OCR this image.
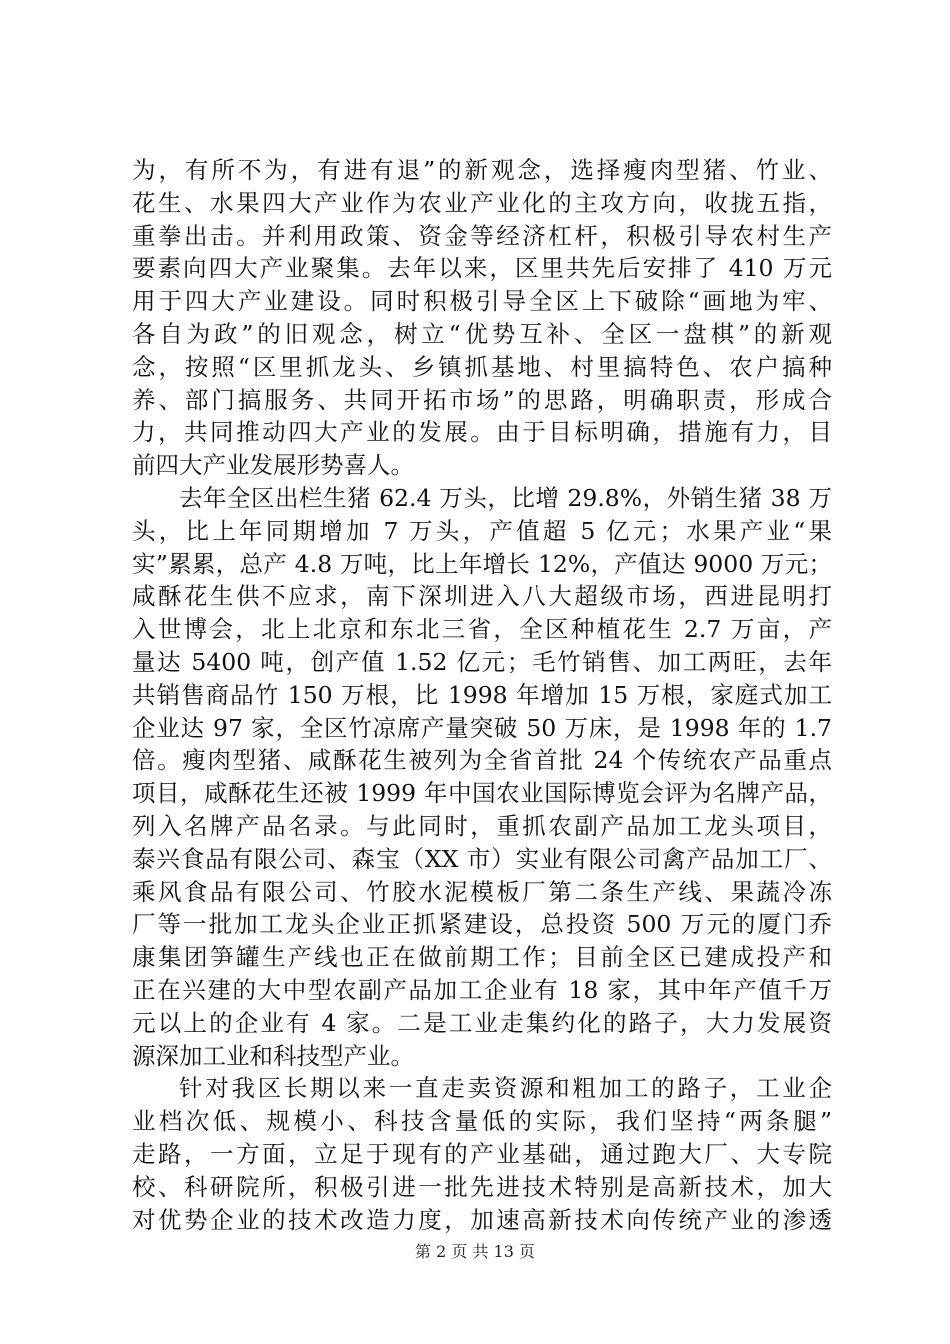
为，有所不为，有进有退”的新观念，选择瘦肉型猪、竹业、
花生、水果四大产业作为农业产业化的主攻方向，收拢五指，
重拳出击。并利用政策、资金等经济杠杆，积极引导农村生产
要素向四大产业聚集。去年以来，区里共先后安排了 410 万元
用于四大产业建设。同时积极引导全区上下破除“画地为牢、
各自为政”的旧观念，树立“优势互补、全区一盘棋”的新观
念，按照“区里抓龙头、乡镇抓基地、村里搞特色、农户搞种
养、部门搞服务、共同开拓市场”的思路，明确职责，形成合
力，共同推动四大产业的发展。由于目标明确，措施有力，目
前四大产业发展形势喜人。
去年全区出栏生猪 62.4 万头，比增 29.8%，外销生猪 38 万
头，比上年同期增加 7 万头，产值超 5 亿元；水果产业“果
实”累累，总产 4.8 万吨，比上年增长 12%，产值达 9000 万元；
咸酥花生供不应求，南下深圳进入八大超级市场，西进昆明打
入世博会，北上北京和东北三省，全区种植花生 2.7 万亩，产
量达 5400 吨，创产值 1.52 亿元；毛竹销售、加工两旺，去年
共销售商品竹 150 万根，比 1998 年增加 15 万根，家庭式加工
企业达 97 家，全区竹凉席产量突破 50 万床，是 1998 年的 1.7
倍。瘦肉型猪、咸酥花生被列为全省首批 24 个传统农产品重点
项目，咸酥花生还被 1999 年中国农业国际博览会评为名牌产品，
列入名牌产品名录。与此同时，重抓农副产品加工龙头项目，
泰兴食品有限公司、森宝（XX 市）实业有限公司禽产品加工厂、
乘风食品有限公司、竹胶水泥模板厂第二条生产线、果蔬冷冻
厂等一批加工龙头企业正抓紧建设，总投资 500 万元的厦门乔
康集团笋罐生产线也正在做前期工作；目前全区已建成投产和
正在兴建的大中型农副产品加工企业有 18 家，其中年产值千万
元以上的企业有 4 家。二是工业走集约化的路子，大力发展资
源深加工业和科技型产业。
针对我区长期以来一直走卖资源和粗加工的路子，工业企
业档次低、规模小、科技含量低的实际，我们坚持“两条腿”
走路，一方面，立足于现有的产业基础，通过跑大厂、大专院
校、科研院所，积极引进一批先进技术特别是高新技术，加大
对优势企业的技术改造力度，加速高新技术向传统产业的渗透
第 2 页 共 13 页
